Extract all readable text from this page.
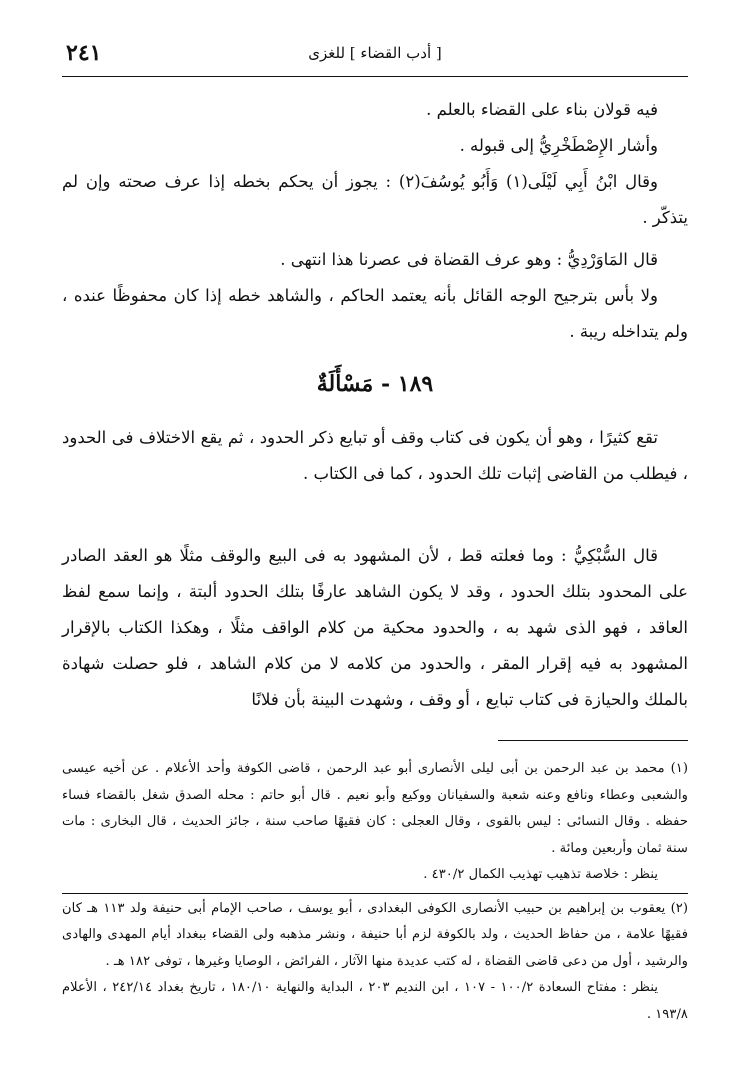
٢٤١	[ أدب القضاء ] للغزى

فيه قولان بناء على القضاء بالعلم .

وأشار الإِصْطَخْرِيُّ إلى قبوله .

وقال ابْنُ أَبِي لَيْلَى(١) وَأَبُو يُوسُفَ(٢) : يجوز أن يحكم بخطه إذا عرف صحته وإن لم يتذكّر .

قال المَاوَرْدِيُّ : وهو عرف القضاة فى عصرنا هذا انتهى .

ولا بأس بترجيح الوجه القائل بأنه يعتمد الحاكم ، والشاهد خطه إذا كان محفوظًا عنده ، ولم يتداخله ريبة .

١٨٩ - مَسْأَلَةٌ

تقع كثيرًا ، وهو أن يكون فى كتاب وقف أو تبايع ذكر الحدود ، ثم يقع الاختلاف فى الحدود ، فيطلب من القاضى إثبات تلك الحدود ، كما فى الكتاب .

قال السُّبْكِيُّ : وما فعلته قط ، لأن المشهود به فى البيع والوقف مثلًا هو العقد الصادر على المحدود بتلك الحدود ، وقد لا يكون الشاهد عارفًا بتلك الحدود ألبتة ، وإنما سمع لفظ العاقد ، فهو الذى شهد به ، والحدود محكية من كلام الواقف مثلًا ، وهكذا الكتاب بالإقرار المشهود به فيه إقرار المقر ، والحدود من كلامه لا من كلام الشاهد ، فلو حصلت شهادة بالملك والحيازة فى كتاب تبايع ، أو وقف ، وشهدت البينة بأن فلانًا

(١) محمد بن عبد الرحمن بن أبى ليلى الأنصارى أبو عبد الرحمن ، قاضى الكوفة وأحد الأعلام . عن أخيه عيسى والشعبى وعطاء ونافع وعنه شعبة والسفيانان ووكيع وأبو نعيم . قال أبو حاتم : محله الصدق شغل بالقضاء فساء حفظه . وقال النسائى : ليس بالقوى ، وقال العجلى : كان فقيهًا صاحب سنة ، جائز الحديث ، قال البخارى : مات سنة ثمان وأربعين ومائة .

ينظر : خلاصة تذهيب تهذيب الكمال ٤٣٠/٢ .

(٢) يعقوب بن إبراهيم بن حبيب الأنصارى الكوفى البغدادى ، أبو يوسف ، صاحب الإمام أبى حنيفة ولد ١١٣ هـ كان فقيهًا علامة ، من حفاظ الحديث ، ولد بالكوفة لزم أبا حنيفة ، ونشر مذهبه ولى القضاء ببغداد أيام المهدى والهادى والرشيد ، أول من دعى قاضى القضاة ، له كتب عديدة منها الآثار ، الفرائض ، الوصايا وغيرها ، توفى ١٨٢ هـ .

ينظر : مفتاح السعادة ١٠٠/٢ - ١٠٧ ، ابن النديم ٢٠٣ ، البداية والنهاية ١٨٠/١٠ ، تاريخ بغداد ٢٤٢/١٤ ، الأعلام ١٩٣/٨ .
